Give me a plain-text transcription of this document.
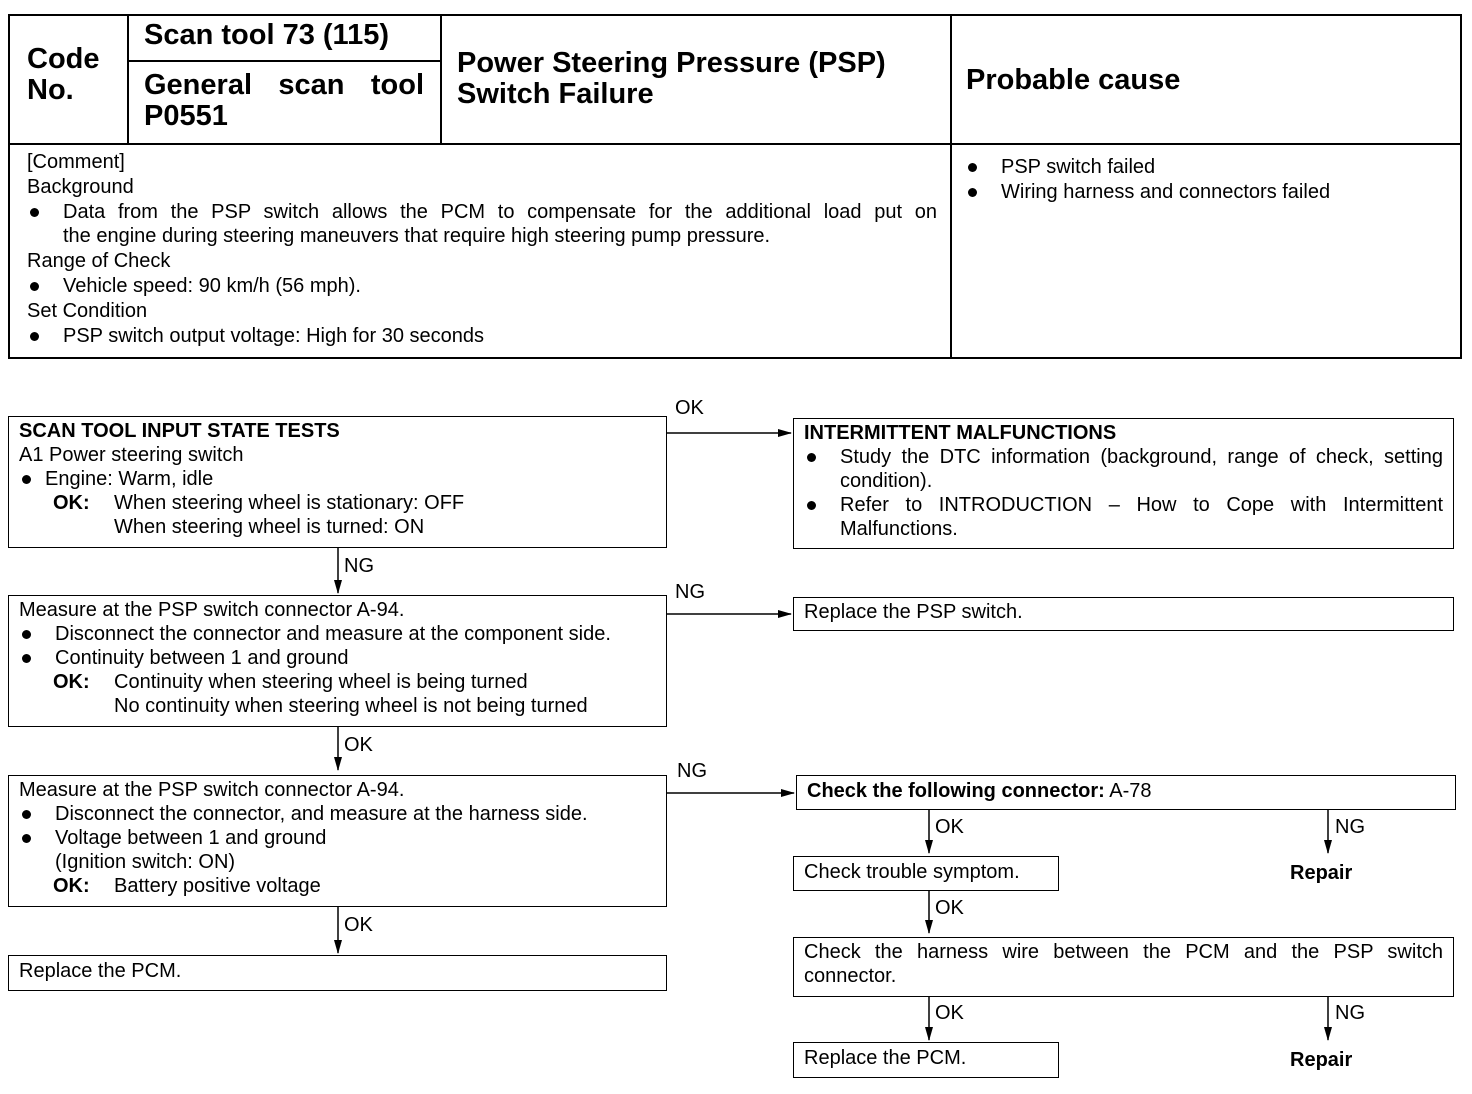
Code
No.
Scan tool 73 (115)
General scan tool
P0551
Power Steering Pressure (PSP)
Switch Failure	Probable cause
[Comment]
Background
Data from the PSP switch allows the PCM to compensate for the additional load put on
the engine during steering maneuvers that require high steering pump pressure.
Range of Check
Vehicle speed: 90 km/h (56 mph).
Set Condition
PSP switch output voltage: High for 30 seconds
PSP switch failed
Wiring harness and connectors failed
OK
NG
NG
OK
NG
OK
OK	NG
OK
OK	NG
SCAN TOOL INPUT STATE TESTS
A1 Power steering switch
Engine: Warm, idle
OK:	When steering wheel is stationary: OFF
When steering wheel is turned: ON
INTERMITTENT MALFUNCTIONS
Study the DTC information (background, range of check, setting
condition).
Refer to INTRODUCTION – How to Cope with Intermittent
Malfunctions.
Measure at the PSP switch connector A-94.
Disconnect the connector and measure at the component side.
Continuity between 1 and ground
OK:	Continuity when steering wheel is being turned
No continuity when steering wheel is not being turned
Replace the PSP switch.
Measure at the PSP switch connector A-94.
Disconnect the connector, and measure at the harness side.
Voltage between 1 and ground
(Ignition switch: ON)
OK:	Battery positive voltage
Replace the PCM.
Check the following connector: A-78
Check trouble symptom.	Repair
Check the harness wire between the PCM and the PSP switch
connector.
Replace the PCM.	Repair
